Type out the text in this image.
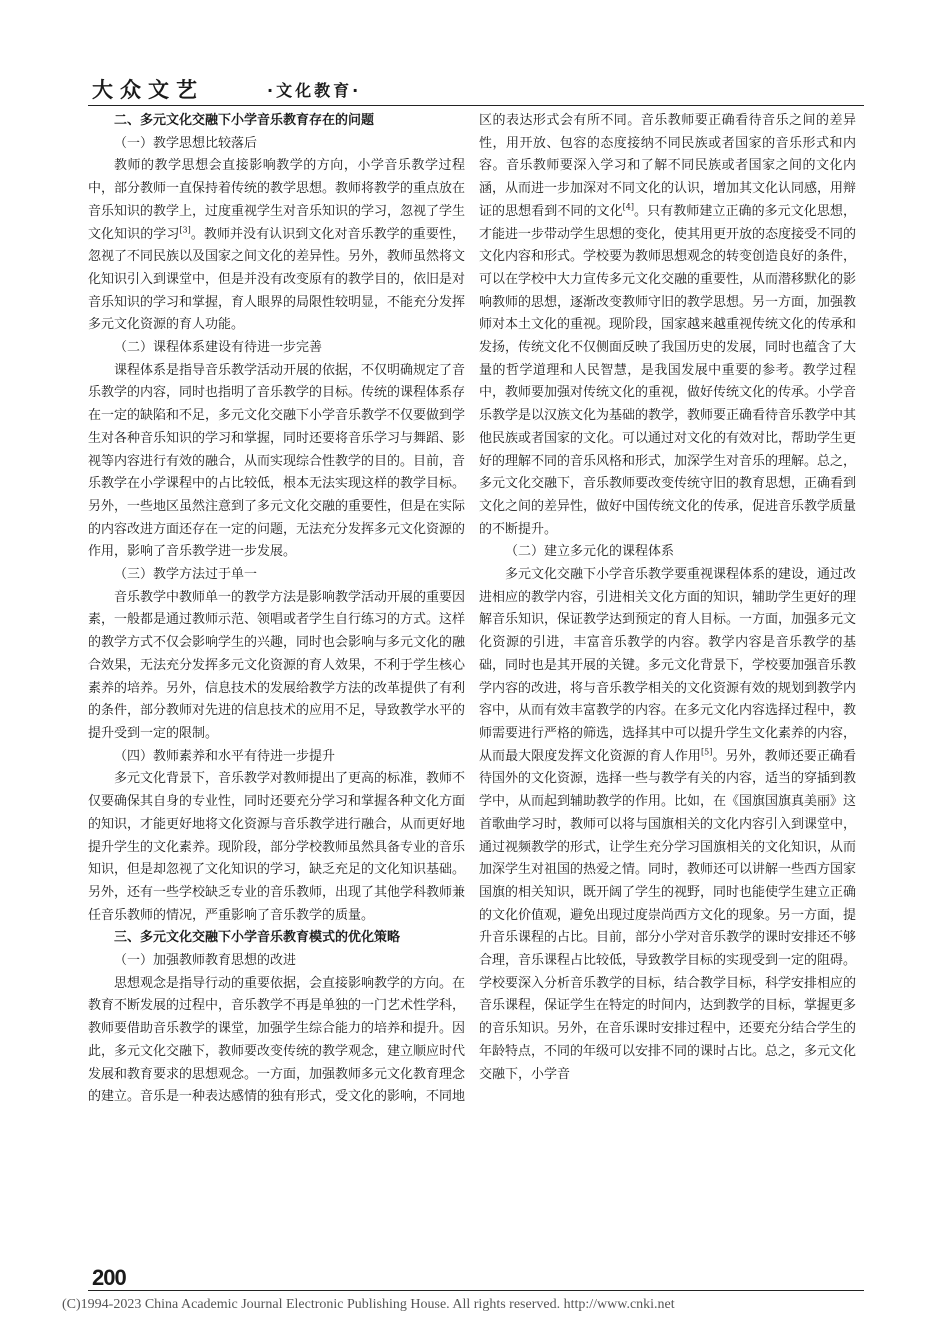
大众文艺	·文化教育·
二、多元文化交融下小学音乐教育存在的问题
（一）教学思想比较落后

教师的教学思想会直接影响教学的方向，小学音乐教学过程中，部分教师一直保持着传统的教学思想。教师将教学的重点放在音乐知识的教学上，过度重视学生对音乐知识的学习，忽视了学生文化知识的学习[3]。教师并没有认识到文化对音乐教学的重要性，忽视了不同民族以及国家之间文化的差异性。另外，教师虽然将文化知识引入到课堂中，但是并没有改变原有的教学目的，依旧是对音乐知识的学习和掌握，育人眼界的局限性较明显，不能充分发挥多元文化资源的育人功能。

（二）课程体系建设有待进一步完善

课程体系是指导音乐教学活动开展的依据，不仅明确规定了音乐教学的内容，同时也指明了音乐教学的目标。传统的课程体系存在一定的缺陷和不足，多元文化交融下小学音乐教学不仅要做到学生对各种音乐知识的学习和掌握，同时还要将音乐学习与舞蹈、影视等内容进行有效的融合，从而实现综合性教学的目的。目前，音乐教学在小学课程中的占比较低，根本无法实现这样的教学目标。另外，一些地区虽然注意到了多元文化交融的重要性，但是在实际的内容改进方面还存在一定的问题，无法充分发挥多元文化资源的作用，影响了音乐教学进一步发展。

（三）教学方法过于单一

音乐教学中教师单一的教学方法是影响教学活动开展的重要因素，一般都是通过教师示范、领唱或者学生自行练习的方式。这样的教学方式不仅会影响学生的兴趣，同时也会影响与多元文化的融合效果，无法充分发挥多元文化资源的育人效果，不利于学生核心素养的培养。另外，信息技术的发展给教学方法的改革提供了有利的条件，部分教师对先进的信息技术的应用不足，导致教学水平的提升受到一定的限制。

（四）教师素养和水平有待进一步提升

多元文化背景下，音乐教学对教师提出了更高的标准，教师不仅要确保其自身的专业性，同时还要充分学习和掌握各种文化方面的知识，才能更好地将文化资源与音乐教学进行融合，从而更好地提升学生的文化素养。现阶段，部分学校教师虽然具备专业的音乐知识，但是却忽视了文化知识的学习，缺乏充足的文化知识基础。另外，还有一些学校缺乏专业的音乐教师，出现了其他学科教师兼任音乐教师的情况，严重影响了音乐教学的质量。

三、多元文化交融下小学音乐教育模式的优化策略
（一）加强教师教育思想的改进

思想观念是指导行动的重要依据，会直接影响教学的方向。在教育不断发展的过程中，音乐教学不再是单独的一门艺术性学科，教师要借助音乐教学的课堂，加强学生综合能力的培养和提升。因此，多元文化交融下，教师要改变传统的教学观念，建立顺应时代发展和教育要求的思想观念。一方面，加强教师多元文化教育理念的建立。音乐是一种表达感情的独有形式，受文化的影响，不同地

区的表达形式会有所不同。音乐教师要正确看待音乐之间的差异性，用开放、包容的态度接纳不同民族或者国家的音乐形式和内容。音乐教师要深入学习和了解不同民族或者国家之间的文化内涵，从而进一步加深对不同文化的认识，增加其文化认同感，用辩证的思想看到不同的文化[4]。只有教师建立正确的多元文化思想，才能进一步带动学生思想的变化，使其用更开放的态度接受不同的文化内容和形式。学校要为教师思想观念的转变创造良好的条件，可以在学校中大力宣传多元文化交融的重要性，从而潜移默化的影响教师的思想，逐渐改变教师守旧的教学思想。另一方面，加强教师对本土文化的重视。现阶段，国家越来越重视传统文化的传承和发扬，传统文化不仅侧面反映了我国历史的发展，同时也蕴含了大量的哲学道理和人民智慧，是我国发展中重要的参考。教学过程中，教师要加强对传统文化的重视，做好传统文化的传承。小学音乐教学是以汉族文化为基础的教学，教师要正确看待音乐教学中其他民族或者国家的文化。可以通过对文化的有效对比，帮助学生更好的理解不同的音乐风格和形式，加深学生对音乐的理解。总之，多元文化交融下，音乐教师要改变传统守旧的教育思想，正确看到文化之间的差异性，做好中国传统文化的传承，促进音乐教学质量的不断提升。

（二）建立多元化的课程体系

多元文化交融下小学音乐教学要重视课程体系的建设，通过改进相应的教学内容，引进相关文化方面的知识，辅助学生更好的理解音乐知识，保证教学达到预定的育人目标。一方面，加强多元文化资源的引进，丰富音乐教学的内容。教学内容是音乐教学的基础，同时也是其开展的关键。多元文化背景下，学校要加强音乐教学内容的改进，将与音乐教学相关的文化资源有效的规划到教学内容中，从而有效丰富教学的内容。在多元文化内容选择过程中，教师需要进行严格的筛选，选择其中可以提升学生文化素养的内容，从而最大限度发挥文化资源的育人作用[5]。另外，教师还要正确看待国外的文化资源，选择一些与教学有关的内容，适当的穿插到教学中，从而起到辅助教学的作用。比如，在《国旗国旗真美丽》这首歌曲学习时，教师可以将与国旗相关的文化内容引入到课堂中，通过视频教学的形式，让学生充分学习国旗相关的文化知识，从而加深学生对祖国的热爱之情。同时，教师还可以讲解一些西方国家国旗的相关知识，既开阔了学生的视野，同时也能使学生建立正确的文化价值观，避免出现过度崇尚西方文化的现象。另一方面，提升音乐课程的占比。目前，部分小学对音乐教学的课时安排还不够合理，音乐课程占比较低，导致教学目标的实现受到一定的阻碍。学校要深入分析音乐教学的目标，结合教学目标，科学安排相应的音乐课程，保证学生在特定的时间内，达到教学的目标，掌握更多的音乐知识。另外，在音乐课时安排过程中，还要充分结合学生的年龄特点，不同的年级可以安排不同的课时占比。总之，多元文化交融下，小学音

200
(C)1994-2023 China Academic Journal Electronic Publishing House. All rights reserved. http://www.cnki.net
